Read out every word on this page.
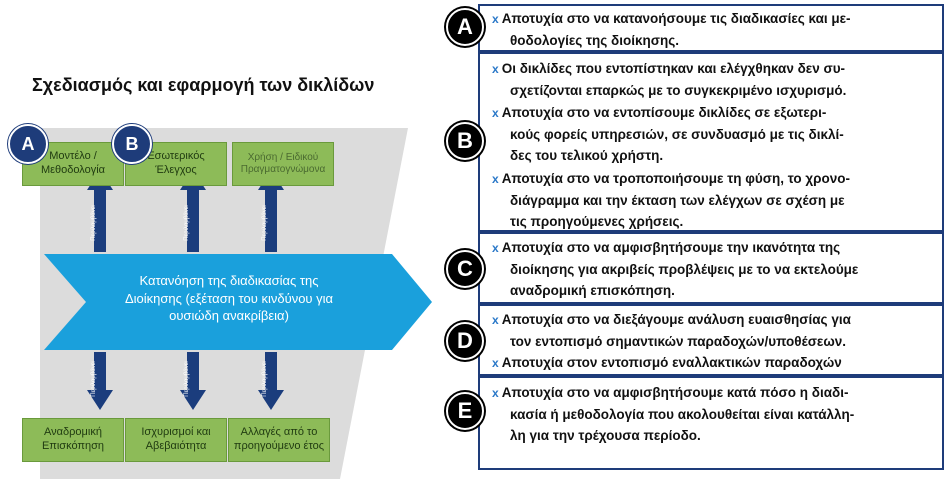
Σχεδιασμός και εφαρμογή των δικλίδων
Περιλαμβάνει	Περιλαμβάνει	Περιλαμβάνει
Περιλαμβάνει	Περιλαμβάνει	Περιλαμβάνει
Μοντέλο / Μεθοδολογία
Εσωτερικός Έλεγχος
Χρήση / Ειδικού Πραγματογνώμονα
A	B
Κατανόηση της διαδικασίας της Διοίκησης (εξέταση του κινδύνου για ουσιώδη ανακρίβεια)
Αναδρομική Επισκόπηση
Ισχυρισμοί και Αβεβαιότητα
Αλλαγές από το προηγούμενο έτος
x Αποτυχία στο να κατανοήσουμε τις διαδικασίες και με-
θοδολογίες της διοίκησης.
x Οι δικλίδες που εντοπίστηκαν και ελέγχθηκαν δεν συ-
σχετίζονται επαρκώς με το συγκεκριμένο ισχυρισμό.
x Αποτυχία στο να εντοπίσουμε δικλίδες σε εξωτερι-
κούς φορείς υπηρεσιών, σε συνδυασμό με τις δικλί-
δες του τελικού χρήστη.
x Αποτυχία στο να τροποποιήσουμε τη φύση, το χρονο-
διάγραμμα και την έκταση των ελέγχων σε σχέση με
τις προηγούμενες χρήσεις.
x Αποτυχία στο να αμφισβητήσουμε την ικανότητα της
διοίκησης για ακριβείς προβλέψεις με το να εκτελούμε
αναδρομική επισκόπηση.
x Αποτυχία στο να διεξάγουμε ανάλυση ευαισθησίας για
τον εντοπισμό σημαντικών παραδοχών/υποθέσεων.
x Αποτυχία στον εντοπισμό εναλλακτικών παραδοχών
x Αποτυχία στο να αμφισβητήσουμε κατά πόσο η διαδι-
κασία ή μεθοδολογία που ακολουθείται είναι κατάλλη-
λη για την τρέχουσα περίοδο.
A
B
C
D
E
